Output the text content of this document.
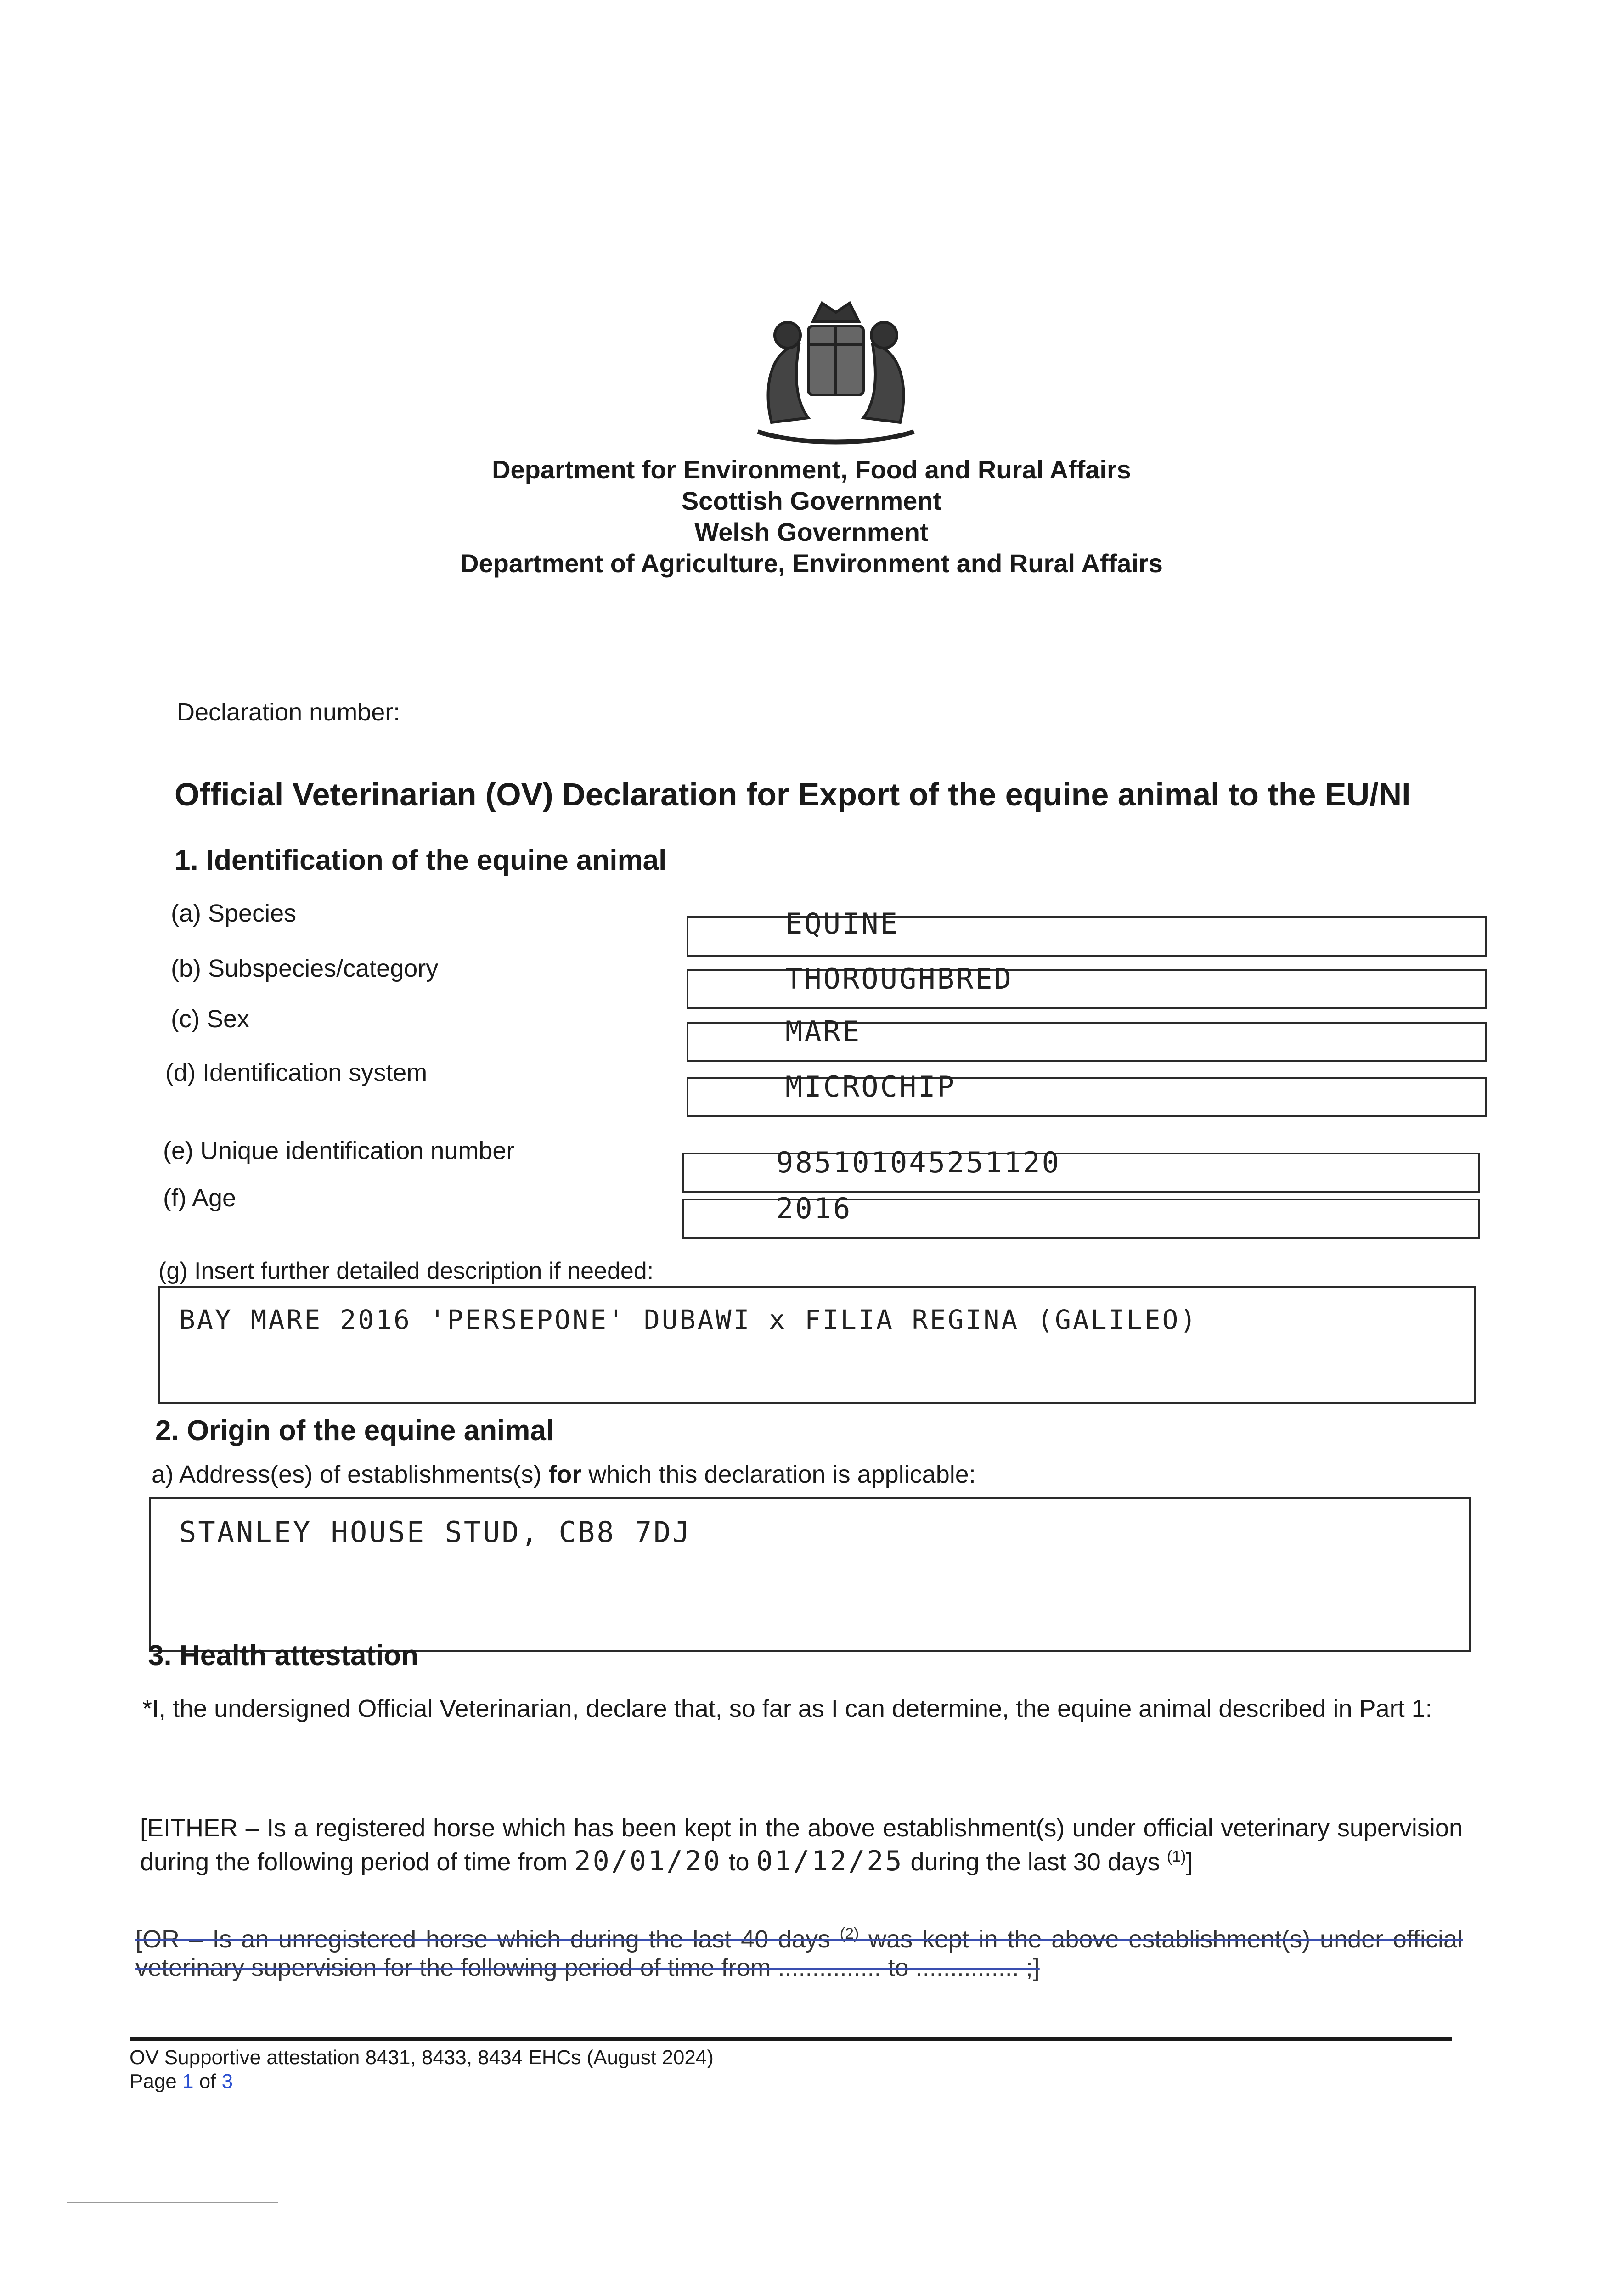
Department for Environment, Food and Rural Affairs
Scottish Government
Welsh Government
Department of Agriculture, Environment and Rural Affairs
Declaration number:
Official Veterinarian (OV) Declaration for Export of the equine animal to the EU/NI
1. Identification of the equine animal
(a) Species	EQUINE
(b) Subspecies/category	THOROUGHBRED
(c) Sex	MARE
(d) Identification system	MICROCHIP
(e) Unique identification number	985101045251120
(f) Age	2016
(g) Insert further detailed description if needed:
BAY MARE 2016 'PERSEPONE' DUBAWI x FILIA REGINA (GALILEO)
2. Origin of the equine animal
a) Address(es) of establishments(s) for which this declaration is applicable:
STANLEY HOUSE STUD, CB8 7DJ
3. Health attestation
*I, the undersigned Official Veterinarian, declare that, so far as I can determine, the equine animal described in Part 1:
[EITHER – Is a registered horse which has been kept in the above establishment(s) under official veterinary supervision during the following period of time from 20/01/20 to 01/12/25 during the last 30 days $^{(1)}$]
[OR – Is an unregistered horse which during the last 40 days $^{(2)}$ was kept in the above establishment(s) under official veterinary supervision for the following period of time from ............... to ............... ;]
OV Supportive attestation 8431, 8433, 8434 EHCs (August 2024)
Page 1 of 3
